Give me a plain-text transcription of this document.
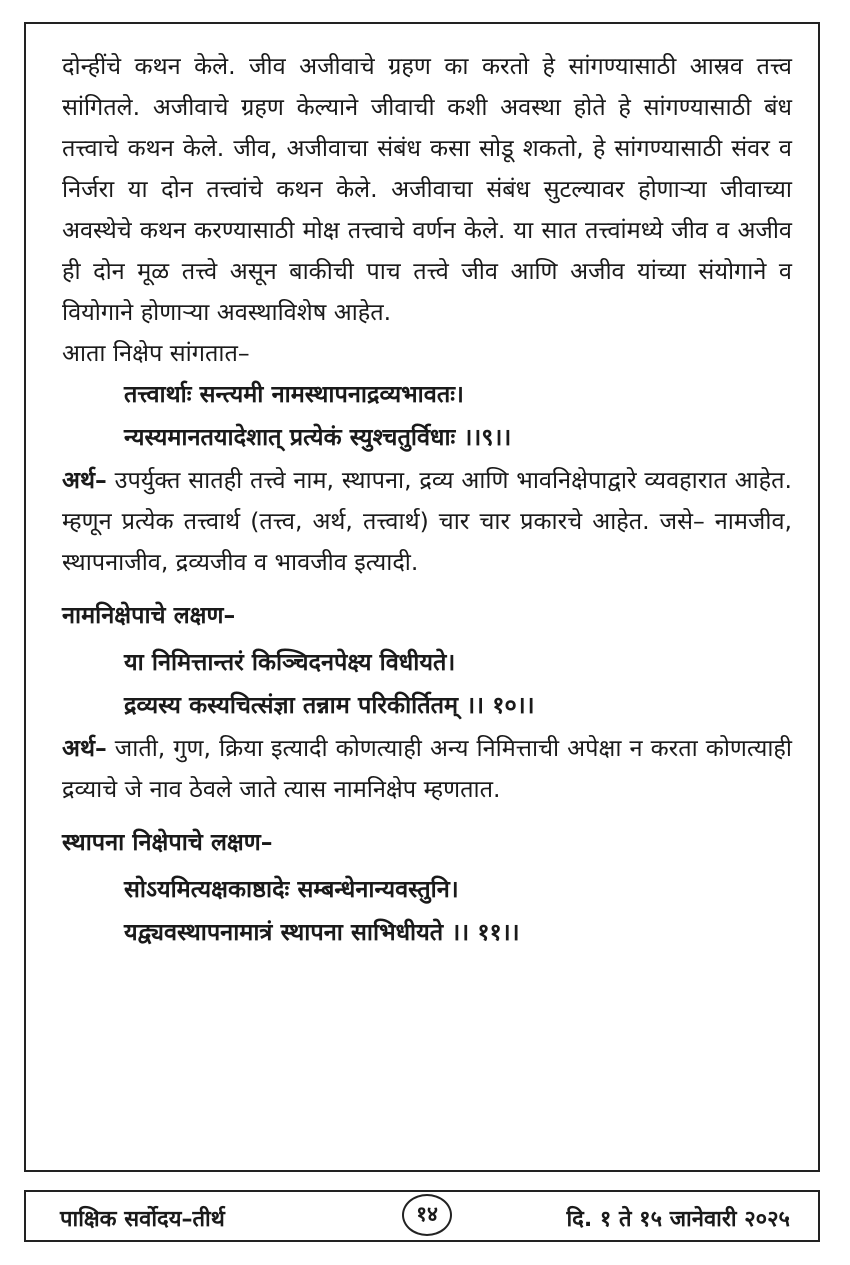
दोन्हींचे कथन केले. जीव अजीवाचे ग्रहण का करतो हे सांगण्यासाठी आस्रव तत्त्व सांगितले. अजीवाचे ग्रहण केल्याने जीवाची कशी अवस्था होते हे सांगण्यासाठी बंध तत्त्वाचे कथन केले. जीव, अजीवाचा संबंध कसा सोडू शकतो, हे सांगण्यासाठी संवर व निर्जरा या दोन तत्त्वांचे कथन केले. अजीवाचा संबंध सुटल्यावर होणाऱ्या जीवाच्या अवस्थेचे कथन करण्यासाठी मोक्ष तत्त्वाचे वर्णन केले. या सात तत्त्वांमध्ये जीव व अजीव ही दोन मूळ तत्त्वे असून बाकीची पाच तत्त्वे जीव आणि अजीव यांच्या संयोगाने व वियोगाने होणाऱ्या अवस्थाविशेष आहेत.

आता निक्षेप सांगतात–

तत्त्वार्थाः सन्त्यमी नामस्थापनाद्रव्यभावतः।

न्यस्यमानतयादेशात् प्रत्येकं स्युश्चतुर्विधाः ।।९।।

अर्थ– उपर्युक्त सातही तत्त्वे नाम, स्थापना, द्रव्य आणि भावनिक्षेपाद्वारे व्यवहारात आहेत. म्हणून प्रत्येक तत्त्वार्थ (तत्त्व, अर्थ, तत्त्वार्थ) चार चार प्रकारचे आहेत. जसे– नामजीव, स्थापनाजीव, द्रव्यजीव व भावजीव इत्यादी.

नामनिक्षेपाचे लक्षण–

या निमित्तान्तरं किञ्चिदनपेक्ष्य विधीयते।

द्रव्यस्य कस्यचित्संज्ञा तन्नाम परिकीर्तितम् ।। १०।।

अर्थ– जाती, गुण, क्रिया इत्यादी कोणत्याही अन्य निमित्ताची अपेक्षा न करता कोणत्याही द्रव्याचे जे नाव ठेवले जाते त्यास नामनिक्षेप म्हणतात.

स्थापना निक्षेपाचे लक्षण–

सोऽयमित्यक्षकाष्ठादेः सम्बन्धेनान्यवस्तुनि।

यद्व्यवस्थापनामात्रं स्थापना साभिधीयते ।। ११।।

पाक्षिक सर्वोदय–तीर्थ	१४	दि. १ ते १५ जानेवारी २०२५
